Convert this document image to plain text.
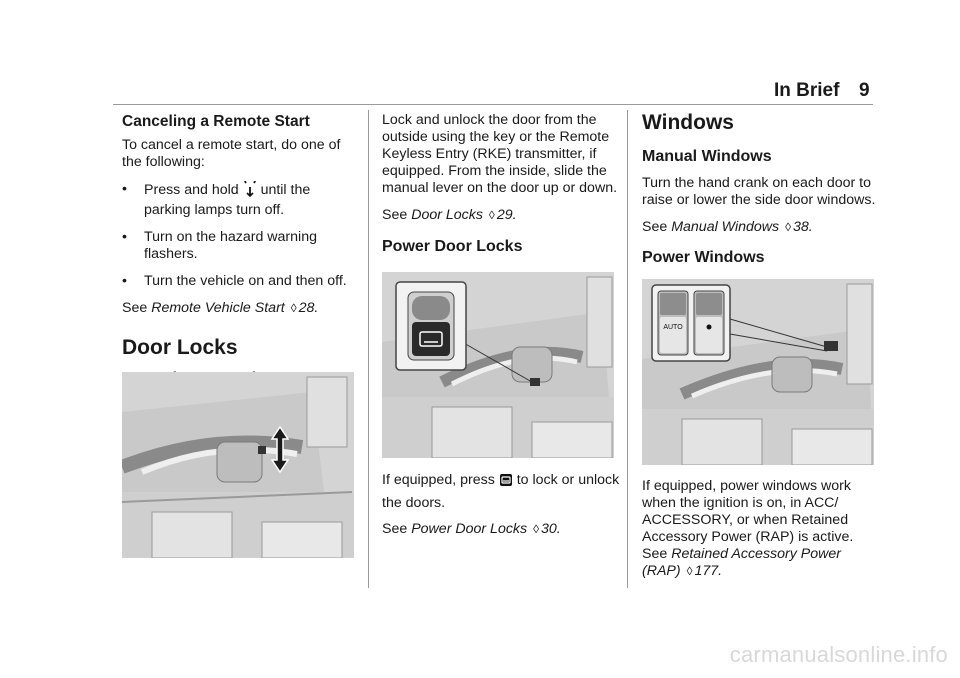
In Brief 9
Canceling a Remote Start

To cancel a remote start, do one of the following:

•	Press and hold until the parking lamps turn off.
•	Turn on the hazard warning flashers.
•	Turn the vehicle on and then off.

See Remote Vehicle Start ◊ 28.

Door Locks

Lock and unlock the door from the outside using the key or the Remote Keyless Entry (RKE) transmitter, if equipped. From the inside, slide the manual lever on the door up or down.

See Door Locks ◊ 29.

Power Door Locks

If equipped, press to lock or unlock the doors.

See Power Door Locks ◊ 30.

Windows

Manual Windows

Turn the hand crank on each door to raise or lower the side door windows.

See Manual Windows ◊ 38.

Power Windows

AUTO

If equipped, power windows work when the ignition is on, in ACC/ ACCESSORY, or when Retained Accessory Power (RAP) is active.

See Retained Accessory Power (RAP) ◊ 177.

carmanualsonline.info
